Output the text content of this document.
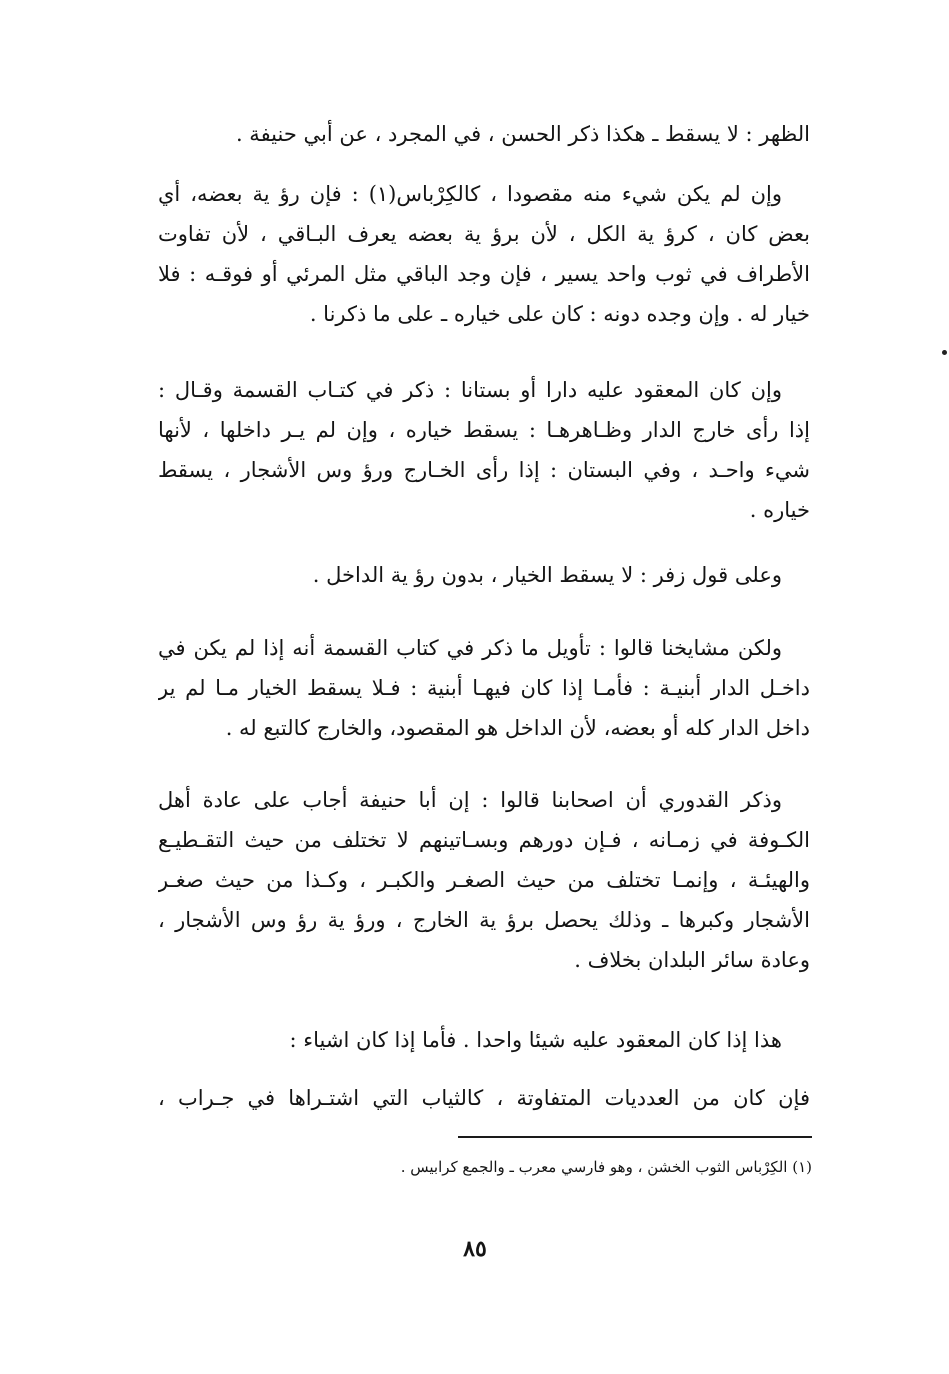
الظهر : لا يسقط ـ هكذا ذكر الحسن ، في المجرد ، عن أبي حنيفة .
وإن لم يكن شيء منه مقصودا ، كالكِرْباس(١) : فإن رؤ ية بعضه، أي
بعض كان ، كرؤ ية الكل ، لأن برؤ ية بعضه يعرف البـاقي ، لأن تفاوت
الأطراف في ثوب واحد يسير ، فإن وجد الباقي مثل المرئي أو فوقـه : فلا
خيار له . وإن وجده دونه : كان على خياره ـ على ما ذكرنا .
وإن كان المعقود عليه دارا أو بستانا : ذكر في كتـاب القسمة وقـال :
إذا رأى خارج الدار وظـاهرهـا : يسقط خياره ، وإن لم يـر داخلها ، لأنها
شيء واحـد ، وفي البستان : إذا رأى الخـارج ورؤ وس الأشجار ، يسقط
خياره .
وعلى قول زفر : لا يسقط الخيار ، بدون رؤ ية الداخل .
ولكن مشايخنا قالوا : تأويل ما ذكر في كتاب القسمة أنه إذا لم يكن في
داخـل الدار أبنيـة : فأمـا إذا كان فيهـا أبنية : فـلا يسقط الخيار مـا لم ير
داخل الدار كله أو بعضه، لأن الداخل هو المقصود، والخارج كالتبع له .
وذكر القدوري أن اصحابنا قالوا : إن أبا حنيفة أجاب على عادة أهل
الكـوفة في زمـانه ، فـإن دورهم وبسـاتينهم لا تختلف من حيث التقـطيـع
والهيئـة ، وإنمـا تختلف من حيث الصغـر والكبـر ، وكـذا من حيث صغـر
الأشجار وكبرها ـ وذلك يحصل برؤ ية الخارج ، ورؤ ية رؤ وس الأشجار ،
وعادة سائر البلدان بخلاف .
هذا إذا كان المعقود عليه شيئا واحدا . فأما إذا كان اشياء :
فإن كان من العدديات المتفاوتة ، كالثياب التي اشتـراها في جـراب ،
(١) الكِرْباس الثوب الخشن ، وهو فارسي معرب ـ والجمع كرابيس .
٨٥
